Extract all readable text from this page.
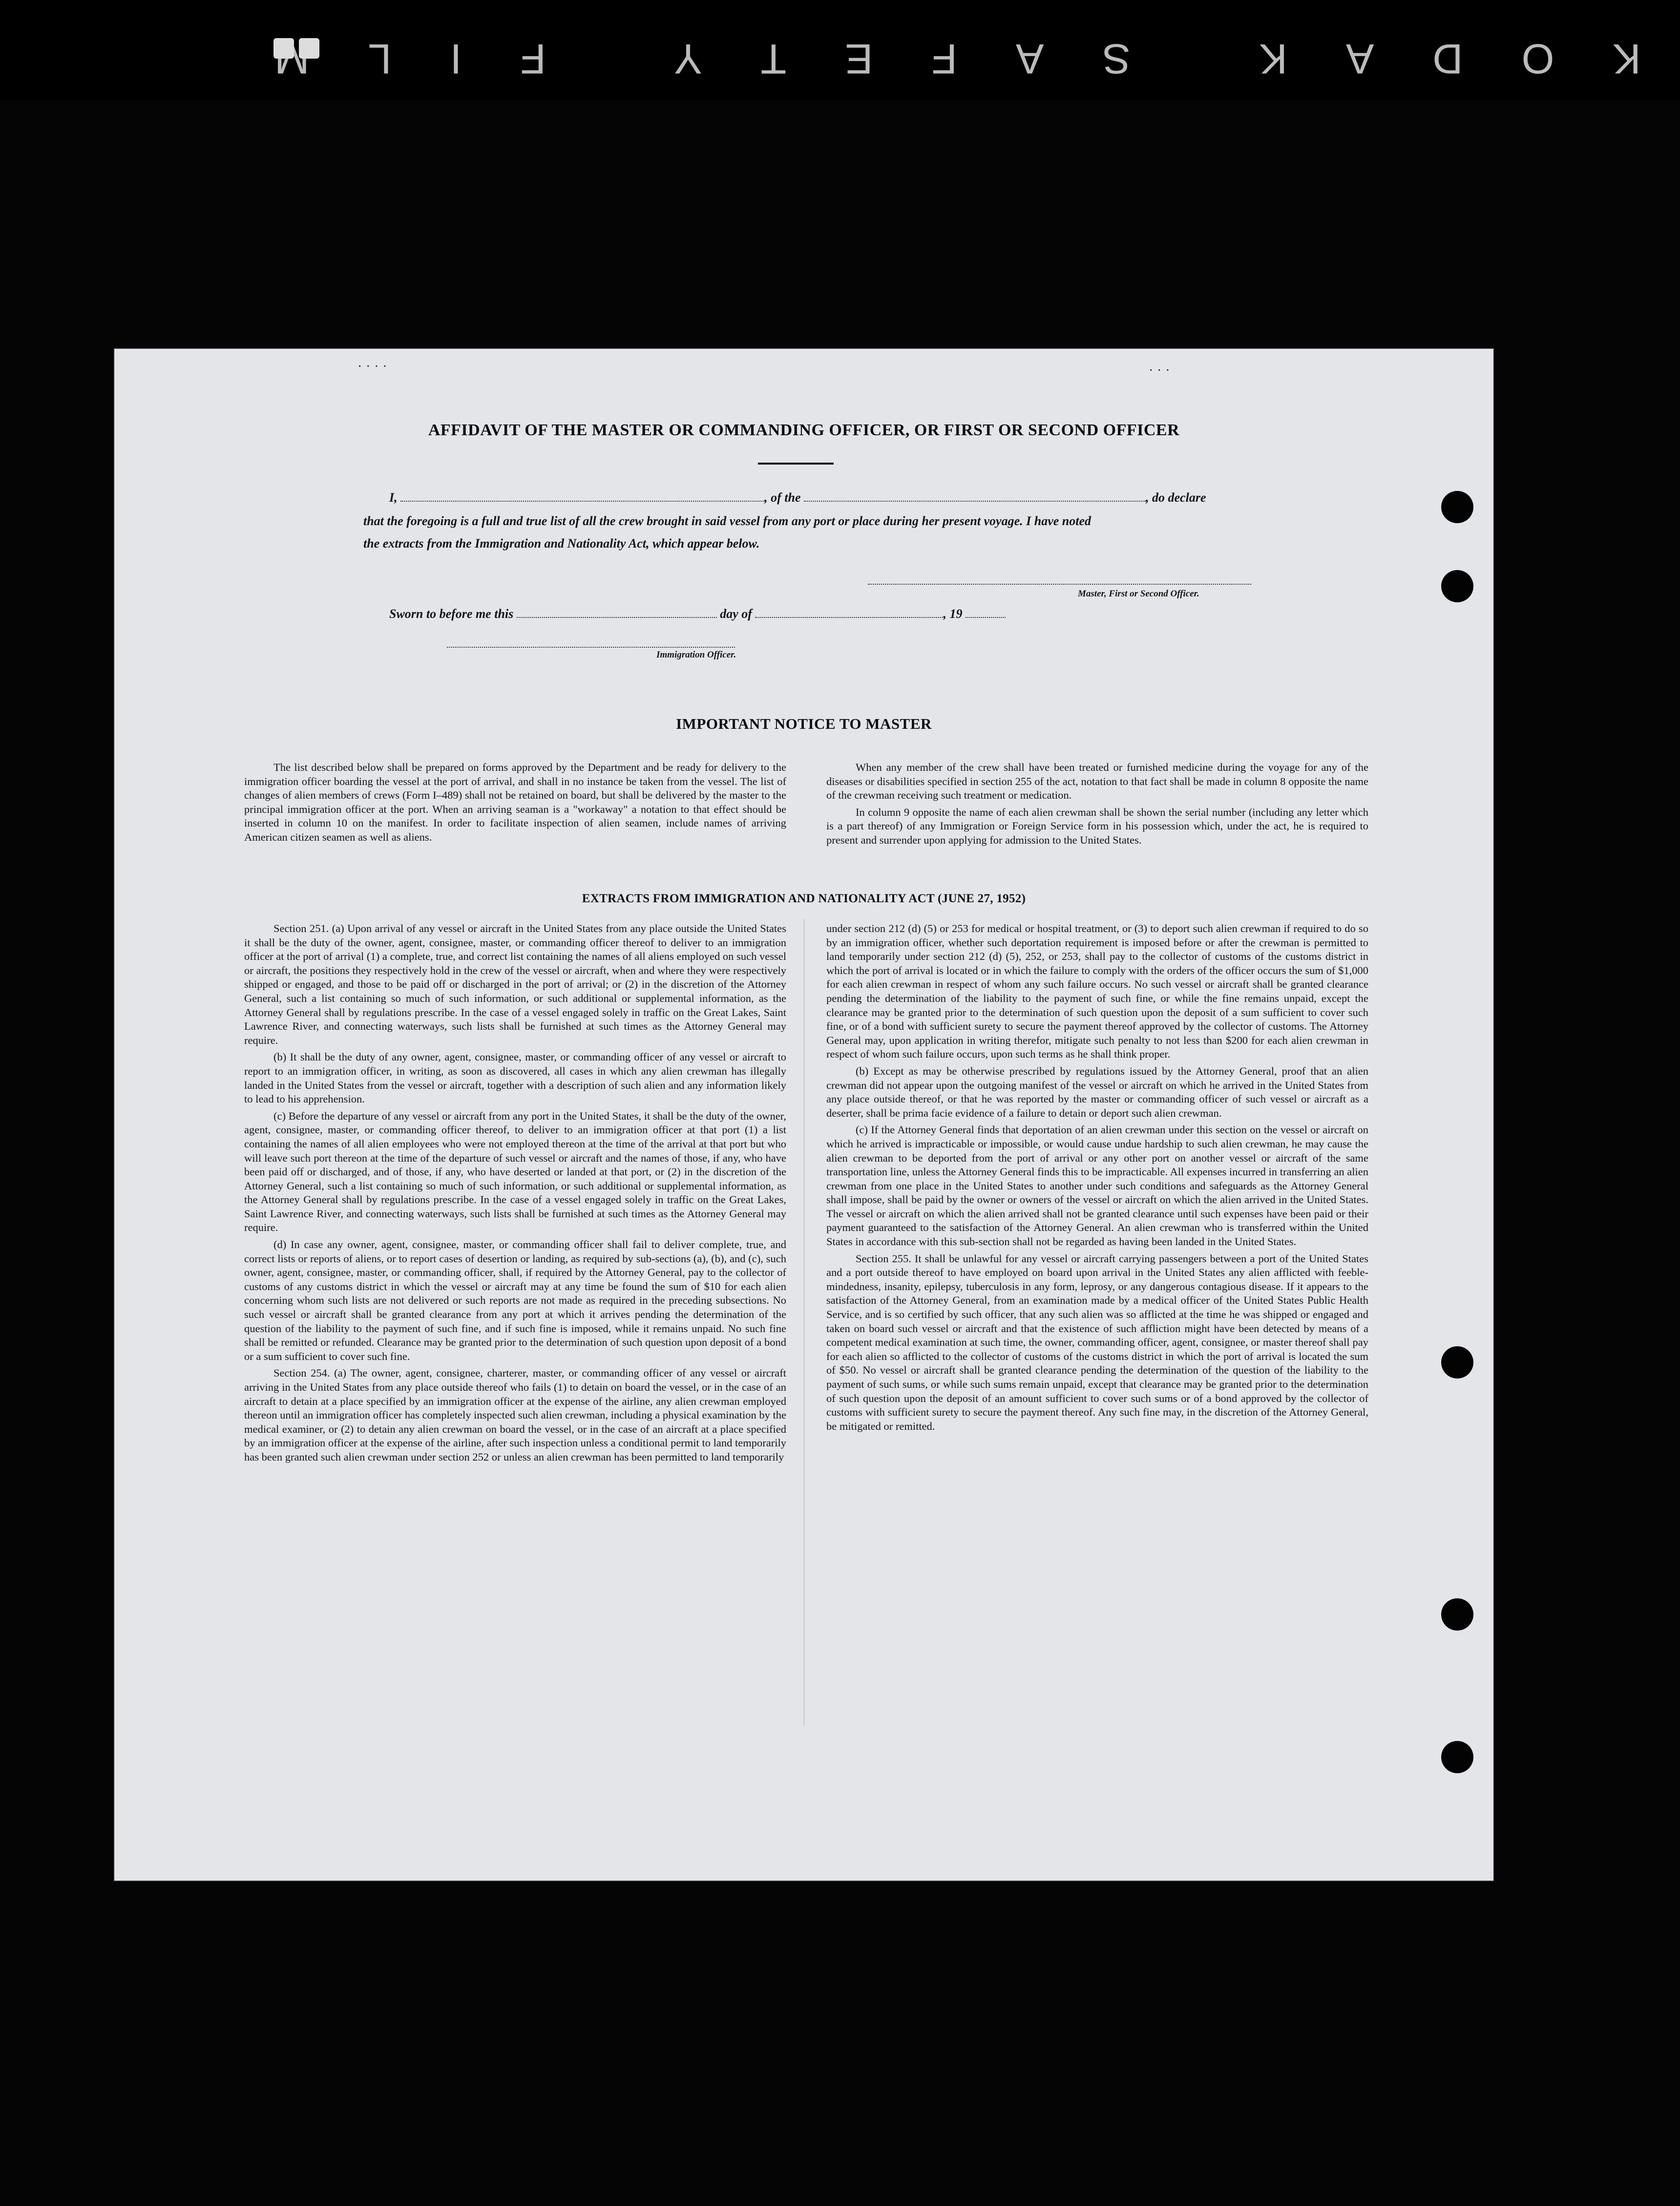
KODAK SAFETY FILM
· · · ·	· · ·
AFFIDAVIT OF THE MASTER OR COMMANDING OFFICER, OR FIRST OR SECOND OFFICER
I,	, of the	, do declare
that the foregoing is a full and true list of all the crew brought in said vessel from any port or place during her present voyage. I have noted
the extracts from the Immigration and Nationality Act, which appear below.
Master, First or Second Officer.
Sworn to before me this	day of	, 19
Immigration Officer.
IMPORTANT NOTICE TO MASTER

The list described below shall be prepared on forms approved by the Department and be ready for delivery to the immigration officer boarding the vessel at the port of arrival, and shall in no instance be taken from the vessel. The list of changes of alien members of crews (Form I–489) shall not be retained on board, but shall be delivered by the master to the principal immigration officer at the port. When an arriving seaman is a "workaway" a notation to that effect should be inserted in column 10 on the manifest. In order to facilitate inspection of alien seamen, include names of arriving American citizen seamen as well as aliens.

When any member of the crew shall have been treated or furnished medicine during the voyage for any of the diseases or disabilities specified in section 255 of the act, notation to that fact shall be made in column 8 opposite the name of the crewman receiving such treatment or medication.

In column 9 opposite the name of each alien crewman shall be shown the serial number (including any letter which is a part thereof) of any Immigration or Foreign Service form in his possession which, under the act, he is required to present and surrender upon applying for admission to the United States.

EXTRACTS FROM IMMIGRATION AND NATIONALITY ACT (JUNE 27, 1952)

Section 251. (a) Upon arrival of any vessel or aircraft in the United States from any place outside the United States it shall be the duty of the owner, agent, consignee, master, or commanding officer thereof to deliver to an immigration officer at the port of arrival (1) a complete, true, and correct list containing the names of all aliens employed on such vessel or aircraft, the positions they respectively hold in the crew of the vessel or aircraft, when and where they were respectively shipped or engaged, and those to be paid off or discharged in the port of arrival; or (2) in the discretion of the Attorney General, such a list containing so much of such information, or such additional or supplemental information, as the Attorney General shall by regulations prescribe. In the case of a vessel engaged solely in traffic on the Great Lakes, Saint Lawrence River, and connecting waterways, such lists shall be furnished at such times as the Attorney General may require.

(b) It shall be the duty of any owner, agent, consignee, master, or commanding officer of any vessel or aircraft to report to an immigration officer, in writing, as soon as discovered, all cases in which any alien crewman has illegally landed in the United States from the vessel or aircraft, together with a description of such alien and any information likely to lead to his apprehension.

(c) Before the departure of any vessel or aircraft from any port in the United States, it shall be the duty of the owner, agent, consignee, master, or commanding officer thereof, to deliver to an immigration officer at that port (1) a list containing the names of all alien employees who were not employed thereon at the time of the arrival at that port but who will leave such port thereon at the time of the departure of such vessel or aircraft and the names of those, if any, who have been paid off or discharged, and of those, if any, who have deserted or landed at that port, or (2) in the discretion of the Attorney General, such a list containing so much of such information, or such additional or supplemental information, as the Attorney General shall by regulations prescribe. In the case of a vessel engaged solely in traffic on the Great Lakes, Saint Lawrence River, and connecting waterways, such lists shall be furnished at such times as the Attorney General may require.

(d) In case any owner, agent, consignee, master, or commanding officer shall fail to deliver complete, true, and correct lists or reports of aliens, or to report cases of desertion or landing, as required by sub-sections (a), (b), and (c), such owner, agent, consignee, master, or commanding officer, shall, if required by the Attorney General, pay to the collector of customs of any customs district in which the vessel or aircraft may at any time be found the sum of $10 for each alien concerning whom such lists are not delivered or such reports are not made as required in the preceding subsections. No such vessel or aircraft shall be granted clearance from any port at which it arrives pending the determination of the question of the liability to the payment of such fine, and if such fine is imposed, while it remains unpaid. No such fine shall be remitted or refunded. Clearance may be granted prior to the determination of such question upon deposit of a bond or a sum sufficient to cover such fine.

Section 254. (a) The owner, agent, consignee, charterer, master, or commanding officer of any vessel or aircraft arriving in the United States from any place outside thereof who fails (1) to detain on board the vessel, or in the case of an aircraft to detain at a place specified by an immigration officer at the expense of the airline, any alien crewman employed thereon until an immigration officer has completely inspected such alien crewman, including a physical examination by the medical examiner, or (2) to detain any alien crewman on board the vessel, or in the case of an aircraft at a place specified by an immigration officer at the expense of the airline, after such inspection unless a conditional permit to land temporarily has been granted such alien crewman under section 252 or unless an alien crewman has been permitted to land temporarily

under section 212 (d) (5) or 253 for medical or hospital treatment, or (3) to deport such alien crewman if required to do so by an immigration officer, whether such deportation requirement is imposed before or after the crewman is permitted to land temporarily under section 212 (d) (5), 252, or 253, shall pay to the collector of customs of the customs district in which the port of arrival is located or in which the failure to comply with the orders of the officer occurs the sum of $1,000 for each alien crewman in respect of whom any such failure occurs. No such vessel or aircraft shall be granted clearance pending the determination of the liability to the payment of such fine, or while the fine remains unpaid, except the clearance may be granted prior to the determination of such question upon the deposit of a sum sufficient to cover such fine, or of a bond with sufficient surety to secure the payment thereof approved by the collector of customs. The Attorney General may, upon application in writing therefor, mitigate such penalty to not less than $200 for each alien crewman in respect of whom such failure occurs, upon such terms as he shall think proper.

(b) Except as may be otherwise prescribed by regulations issued by the Attorney General, proof that an alien crewman did not appear upon the outgoing manifest of the vessel or aircraft on which he arrived in the United States from any place outside thereof, or that he was reported by the master or commanding officer of such vessel or aircraft as a deserter, shall be prima facie evidence of a failure to detain or deport such alien crewman.

(c) If the Attorney General finds that deportation of an alien crewman under this section on the vessel or aircraft on which he arrived is impracticable or impossible, or would cause undue hardship to such alien crewman, he may cause the alien crewman to be deported from the port of arrival or any other port on another vessel or aircraft of the same transportation line, unless the Attorney General finds this to be impracticable. All expenses incurred in transferring an alien crewman from one place in the United States to another under such conditions and safeguards as the Attorney General shall impose, shall be paid by the owner or owners of the vessel or aircraft on which the alien arrived in the United States. The vessel or aircraft on which the alien arrived shall not be granted clearance until such expenses have been paid or their payment guaranteed to the satisfaction of the Attorney General. An alien crewman who is transferred within the United States in accordance with this sub-section shall not be regarded as having been landed in the United States.

Section 255. It shall be unlawful for any vessel or aircraft carrying passengers between a port of the United States and a port outside thereof to have employed on board upon arrival in the United States any alien afflicted with feeble-mindedness, insanity, epilepsy, tuberculosis in any form, leprosy, or any dangerous contagious disease. If it appears to the satisfaction of the Attorney General, from an examination made by a medical officer of the United States Public Health Service, and is so certified by such officer, that any such alien was so afflicted at the time he was shipped or engaged and taken on board such vessel or aircraft and that the existence of such affliction might have been detected by means of a competent medical examination at such time, the owner, commanding officer, agent, consignee, or master thereof shall pay for each alien so afflicted to the collector of customs of the customs district in which the port of arrival is located the sum of $50. No vessel or aircraft shall be granted clearance pending the determination of the question of the liability to the payment of such sums, or while such sums remain unpaid, except that clearance may be granted prior to the determination of such question upon the deposit of an amount sufficient to cover such sums or of a bond approved by the collector of customs with sufficient surety to secure the payment thereof. Any such fine may, in the discretion of the Attorney General, be mitigated or remitted.
